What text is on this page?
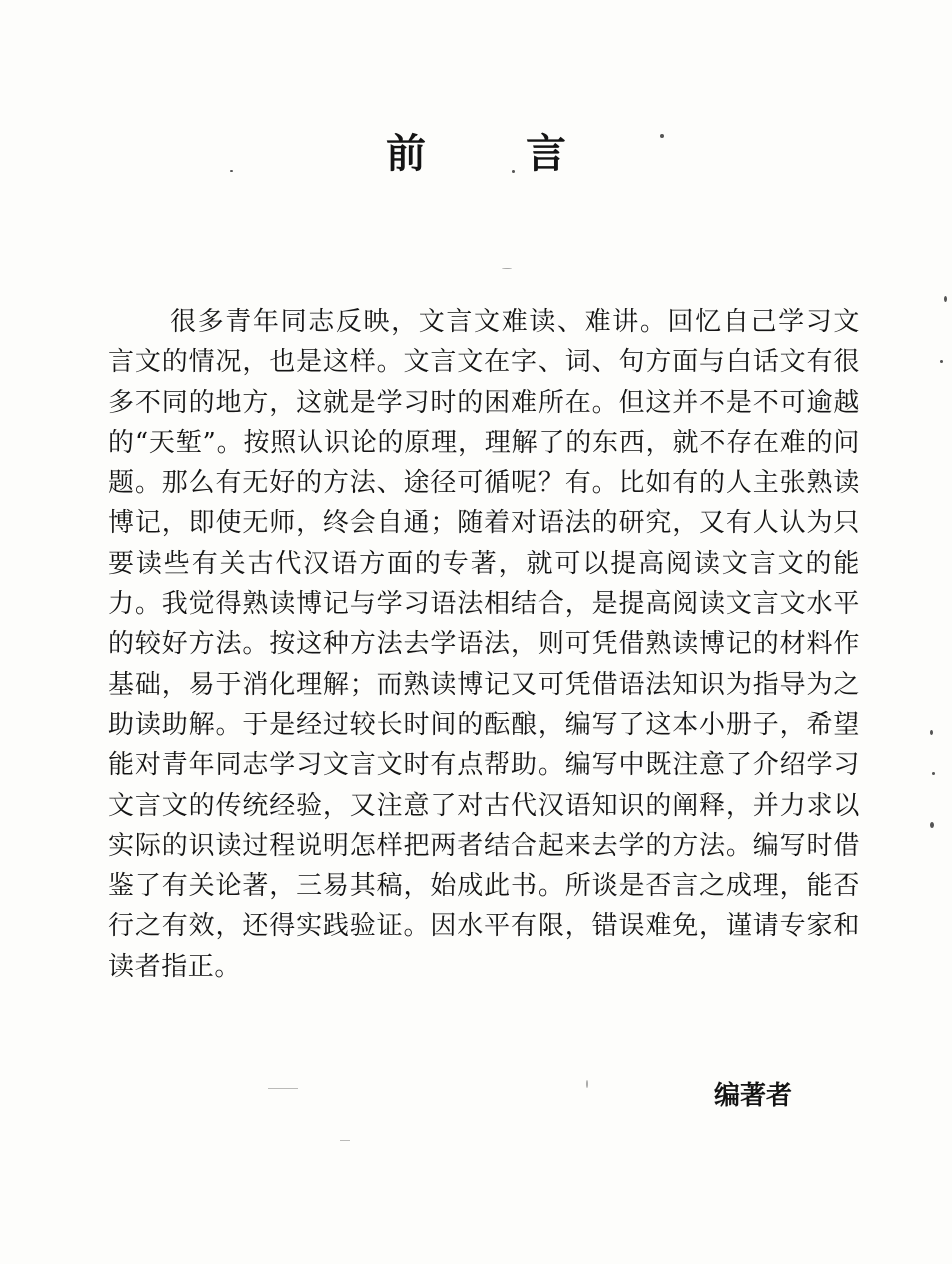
前	言

很多青年同志反映，文言文难读、难讲。回忆自己学习文言文的情况，也是这样。文言文在字、词、句方面与白话文有很多不同的地方，这就是学习时的困难所在。但这并不是不可逾越的“天堑”。按照认识论的原理，理解了的东西，就不存在难的问题。那么有无好的方法、途径可循呢？有。比如有的人主张熟读博记，即使无师，终会自通；随着对语法的研究，又有人认为只要读些有关古代汉语方面的专著，就可以提高阅读文言文的能力。我觉得熟读博记与学习语法相结合，是提高阅读文言文水平的较好方法。按这种方法去学语法，则可凭借熟读博记的材料作基础，易于消化理解；而熟读博记又可凭借语法知识为指导为之助读助解。于是经过较长时间的酝酿，编写了这本小册子，希望能对青年同志学习文言文时有点帮助。编写中既注意了介绍学习文言文的传统经验，又注意了对古代汉语知识的阐释，并力求以实际的识读过程说明怎样把两者结合起来去学的方法。编写时借鉴了有关论著，三易其稿，始成此书。所谈是否言之成理，能否行之有效，还得实践验证。因水平有限，错误难免，谨请专家和读者指正。

编著者
